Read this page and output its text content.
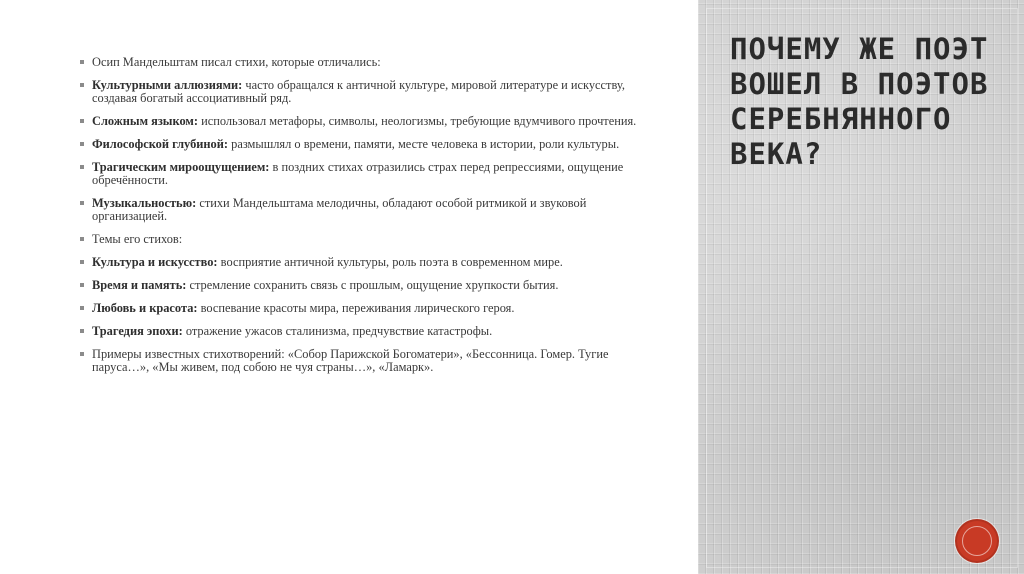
Осип Мандельштам писал стихи, которые отличались:
Культурными аллюзиями: часто обращался к античной культуре, мировой литературе и искусству, создавая богатый ассоциативный ряд.
Сложным языком: использовал метафоры, символы, неологизмы, требующие вдумчивого прочтения.
Философской глубиной: размышлял о времени, памяти, месте человека в истории, роли культуры.
Трагическим мироощущением: в поздних стихах отразились страх перед репрессиями, ощущение обречённости.
Музыкальностью: стихи Мандельштама мелодичны, обладают особой ритмикой и звуковой организацией.
Темы его стихов:
Культура и искусство: восприятие античной культуры, роль поэта в современном мире.
Время и память: стремление сохранить связь с прошлым, ощущение хрупкости бытия.
Любовь и красота: воспевание красоты мира, переживания лирического героя.
Трагедия эпохи: отражение ужасов сталинизма, предчувствие катастрофы.
Примеры известных стихотворений: «Собор Парижской Богоматери», «Бессонница. Гомер. Тугие паруса…», «Мы живем, под собою не чуя страны…», «Ламарк».
ПОЧЕМУ ЖЕ ПОЭТ ВОШЕЛ В ПОЭТОВ СЕРЕБНЯННОГО ВЕКА?
